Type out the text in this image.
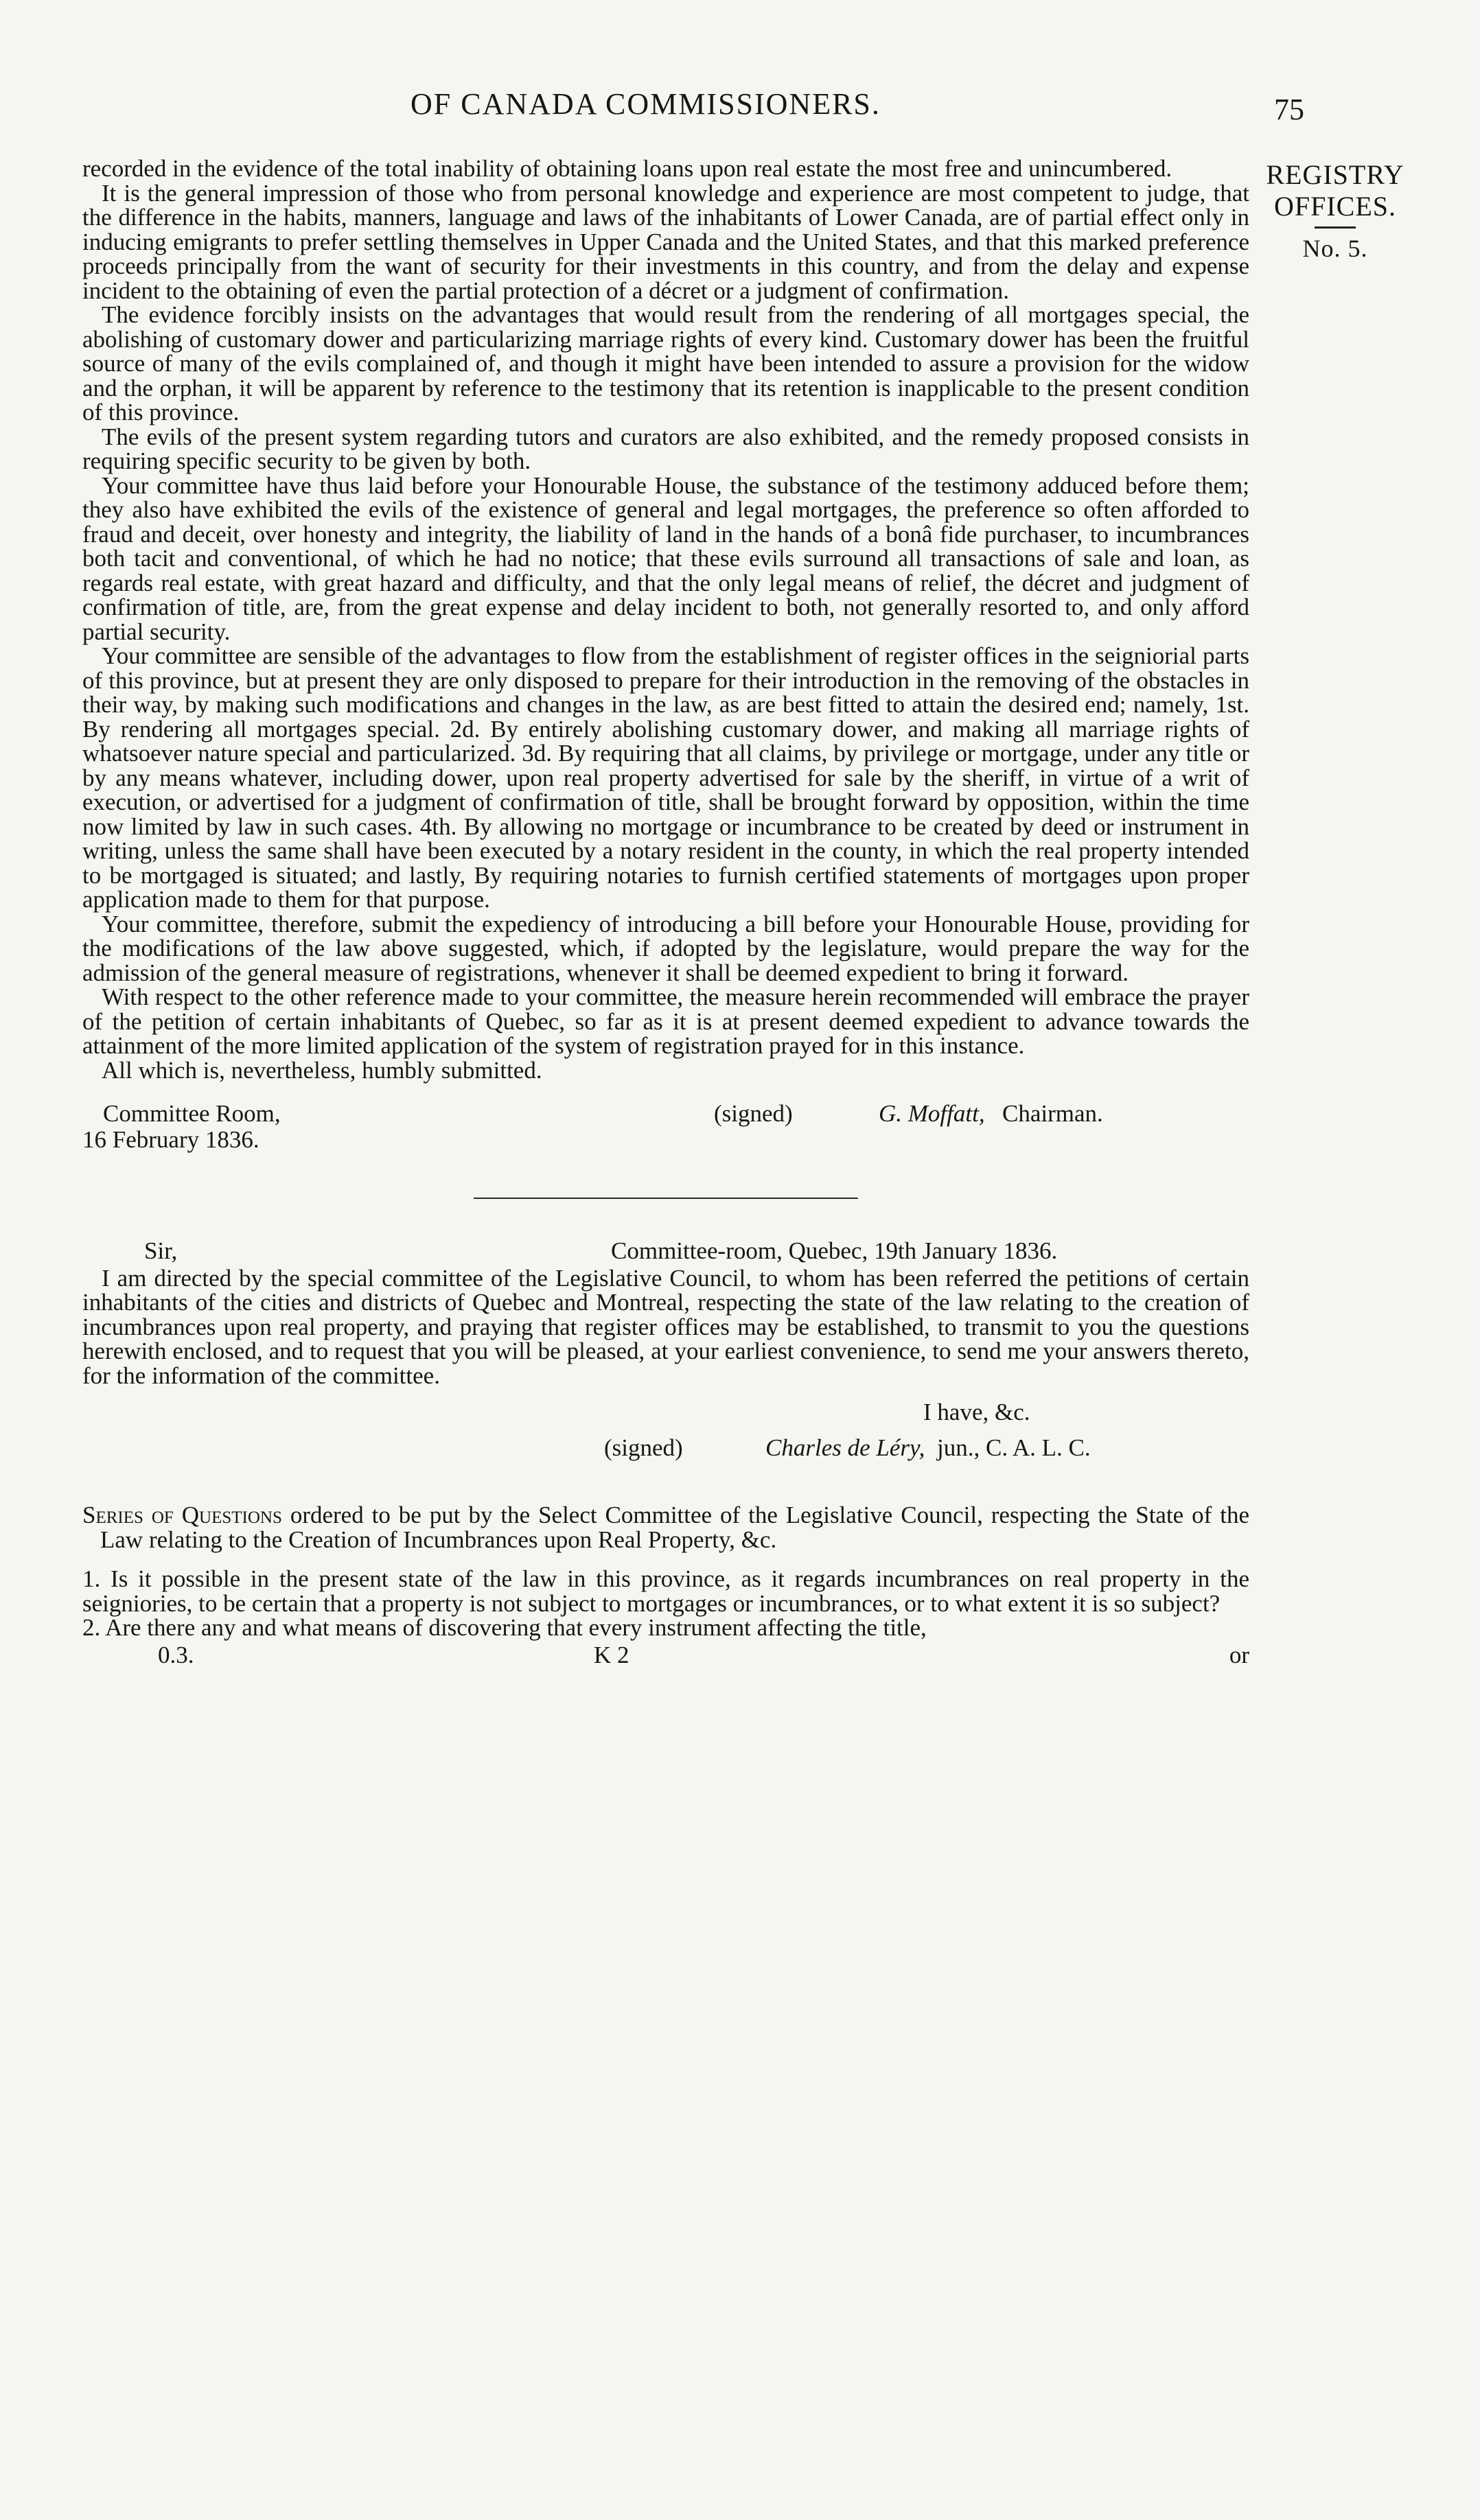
OF CANADA COMMISSIONERS.	75
REGISTRY
OFFICES.
No. 5.

recorded in the evidence of the total inability of obtaining loans upon real estate the most free and unincumbered.

It is the general impression of those who from personal knowledge and experience are most competent to judge, that the difference in the habits, manners, language and laws of the inhabitants of Lower Canada, are of partial effect only in inducing emigrants to prefer settling themselves in Upper Canada and the United States, and that this marked preference proceeds principally from the want of security for their investments in this country, and from the delay and expense incident to the obtaining of even the partial protection of a décret or a judgment of confirmation.

The evidence forcibly insists on the advantages that would result from the rendering of all mortgages special, the abolishing of customary dower and particularizing marriage rights of every kind. Customary dower has been the fruitful source of many of the evils complained of, and though it might have been intended to assure a provision for the widow and the orphan, it will be apparent by reference to the testimony that its retention is inapplicable to the present condition of this province.

The evils of the present system regarding tutors and curators are also exhibited, and the remedy proposed consists in requiring specific security to be given by both.

Your committee have thus laid before your Honourable House, the substance of the testimony adduced before them; they also have exhibited the evils of the existence of general and legal mortgages, the preference so often afforded to fraud and deceit, over honesty and integrity, the liability of land in the hands of a bonâ fide purchaser, to incumbrances both tacit and conventional, of which he had no notice; that these evils surround all transactions of sale and loan, as regards real estate, with great hazard and difficulty, and that the only legal means of relief, the décret and judgment of confirmation of title, are, from the great expense and delay incident to both, not generally resorted to, and only afford partial security.

Your committee are sensible of the advantages to flow from the establishment of register offices in the seigniorial parts of this province, but at present they are only disposed to prepare for their introduction in the removing of the obstacles in their way, by making such modifications and changes in the law, as are best fitted to attain the desired end; namely, 1st. By rendering all mortgages special. 2d. By entirely abolishing customary dower, and making all marriage rights of whatsoever nature special and particularized. 3d. By requiring that all claims, by privilege or mortgage, under any title or by any means whatever, including dower, upon real property advertised for sale by the sheriff, in virtue of a writ of execution, or advertised for a judgment of confirmation of title, shall be brought forward by opposition, within the time now limited by law in such cases. 4th. By allowing no mortgage or incumbrance to be created by deed or instrument in writing, unless the same shall have been executed by a notary resident in the county, in which the real property intended to be mortgaged is situated; and lastly, By requiring notaries to furnish certified statements of mortgages upon proper application made to them for that purpose.

Your committee, therefore, submit the expediency of introducing a bill before your Honourable House, providing for the modifications of the law above suggested, which, if adopted by the legislature, would prepare the way for the admission of the general measure of registrations, whenever it shall be deemed expedient to bring it forward.

With respect to the other reference made to your committee, the measure herein recommended will embrace the prayer of the petition of certain inhabitants of Quebec, so far as it is at present deemed expedient to advance towards the attainment of the more limited application of the system of registration prayed for in this instance.

All which is, nevertheless, humbly submitted.

Committee Room,	(signed)	G. Moffatt, Chairman.
16 February 1836.
Sir,	Committee-room, Quebec, 19th January 1836.

I am directed by the special committee of the Legislative Council, to whom has been referred the petitions of certain inhabitants of the cities and districts of Quebec and Montreal, respecting the state of the law relating to the creation of incumbrances upon real property, and praying that register offices may be established, to transmit to you the questions herewith enclosed, and to request that you will be pleased, at your earliest convenience, to send me your answers thereto, for the information of the committee.

I have, &c.
(signed)	Charles de Léry, jun., C. A. L. C.

Series of Questions ordered to be put by the Select Committee of the Legislative Council, respecting the State of the Law relating to the Creation of Incumbrances upon Real Property, &c.

1. Is it possible in the present state of the law in this province, as it regards incumbrances on real property in the seigniories, to be certain that a property is not subject to mortgages or incumbrances, or to what extent it is so subject?

2. Are there any and what means of discovering that every instrument affecting the title,

0.3.	K 2	or
